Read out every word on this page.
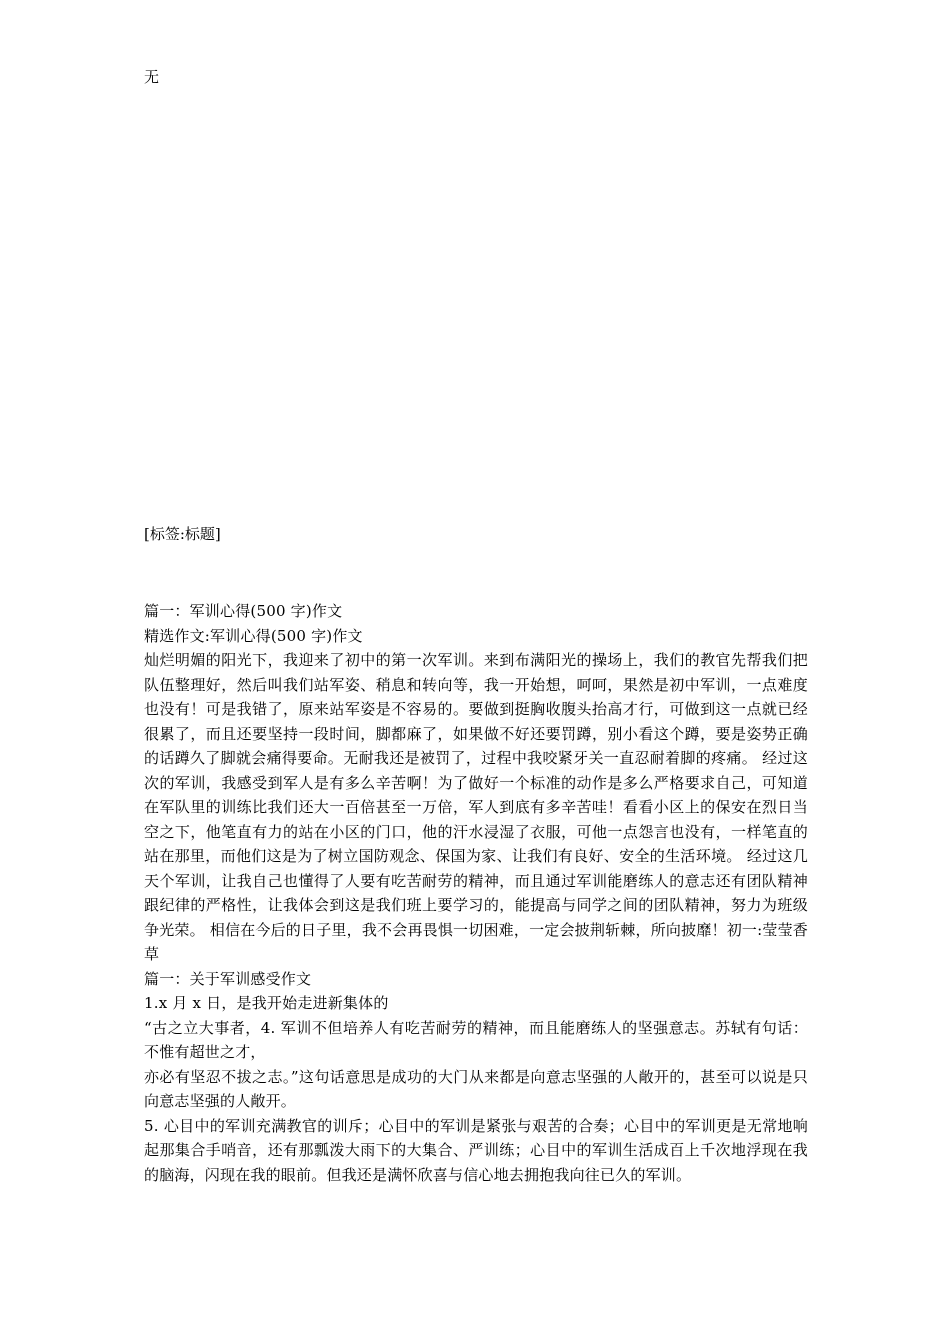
无
[标签:标题]

篇一：军训心得(500 字)作文

精选作文:军训心得(500 字)作文

灿烂明媚的阳光下，我迎来了初中的第一次军训。来到布满阳光的操场上，我们的教官先帮我们把队伍整理好，然后叫我们站军姿、稍息和转向等，我一开始想，呵呵，果然是初中军训，一点难度也没有！可是我错了，原来站军姿是不容易的。要做到挺胸收腹头抬高才行，可做到这一点就已经很累了，而且还要坚持一段时间，脚都麻了，如果做不好还要罚蹲，别小看这个蹲，要是姿势正确的话蹲久了脚就会痛得要命。无耐我还是被罚了，过程中我咬紧牙关一直忍耐着脚的疼痛。 经过这次的军训，我感受到军人是有多么辛苦啊！为了做好一个标准的动作是多么严格要求自己，可知道在军队里的训练比我们还大一百倍甚至一万倍，军人到底有多辛苦哇！看看小区上的保安在烈日当空之下，他笔直有力的站在小区的门口，他的汗水浸湿了衣服，可他一点怨言也没有，一样笔直的站在那里，而他们这是为了树立国防观念、保国为家、让我们有良好、安全的生活环境。 经过这几天个军训，让我自己也懂得了人要有吃苦耐劳的精神，而且通过军训能磨练人的意志还有团队精神跟纪律的严格性，让我体会到这是我们班上要学习的，能提高与同学之间的团队精神，努力为班级争光荣。 相信在今后的日子里，我不会再畏惧一切困难，一定会披荆斩棘，所向披靡！初一:莹莹香草

篇一：关于军训感受作文

1.x 月 x 日，是我开始走进新集体的

“古之立大事者，4. 军训不但培养人有吃苦耐劳的精神，而且能磨练人的坚强意志。苏轼有句话：不惟有超世之才，

亦必有坚忍不拔之志。”这句话意思是成功的大门从来都是向意志坚强的人敞开的，甚至可以说是只向意志坚强的人敞开。

5. 心目中的军训充满教官的训斥；心目中的军训是紧张与艰苦的合奏；心目中的军训更是无常地响起那集合手哨音，还有那瓢泼大雨下的大集合、严训练；心目中的军训生活成百上千次地浮现在我的脑海，闪现在我的眼前。但我还是满怀欣喜与信心地去拥抱我向往已久的军训。
